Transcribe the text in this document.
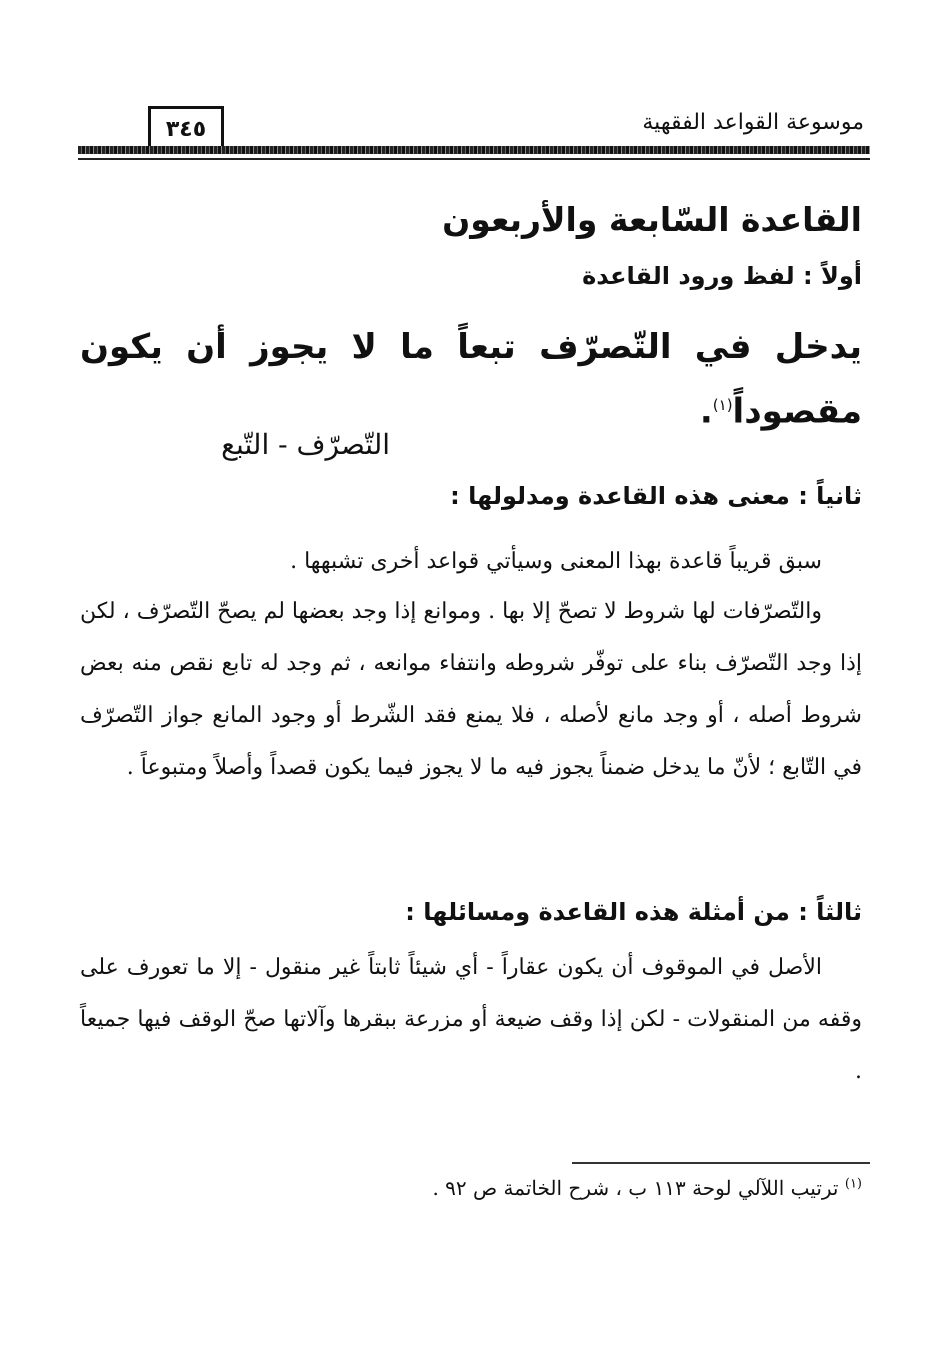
موسوعة القواعد الفقهية
٣٤٥
القاعدة السّابعة والأربعون
أولاً : لفظ ورود القاعدة
يدخل في التّصرّف تبعاً ما لا يجوز أن يكون مقصوداً$^{(١)}$.
التّصرّف - التّبع
ثانياً : معنى هذه القاعدة ومدلولها :
سبق قريباً قاعدة بهذا المعنى وسيأتي قواعد أخرى تشبهها .
والتّصرّفات لها شروط لا تصحّ إلا بها . وموانع إذا وجد بعضها لم يصحّ التّصرّف ، لكن إذا وجد التّصرّف بناء على توفّر شروطه وانتفاء موانعه ، ثم وجد له تابع نقص منه بعض شروط أصله ، أو وجد مانع لأصله ، فلا يمنع فقد الشّرط أو وجود المانع جواز التّصرّف في التّابع ؛ لأنّ ما يدخل ضمناً يجوز فيه ما لا يجوز فيما يكون قصداً وأصلاً ومتبوعاً .
ثالثاً : من أمثلة هذه القاعدة ومسائلها :
الأصل في الموقوف أن يكون عقاراً - أي شيئاً ثابتاً غير منقول - إلا ما تعورف على وقفه من المنقولات - لكن إذا وقف ضيعة أو مزرعة ببقرها وآلاتها صحّ الوقف فيها جميعاً .
$^{(١)}$ ترتيب اللآلي لوحة ١١٣ ب ، شرح الخاتمة ص ٩٢ .
